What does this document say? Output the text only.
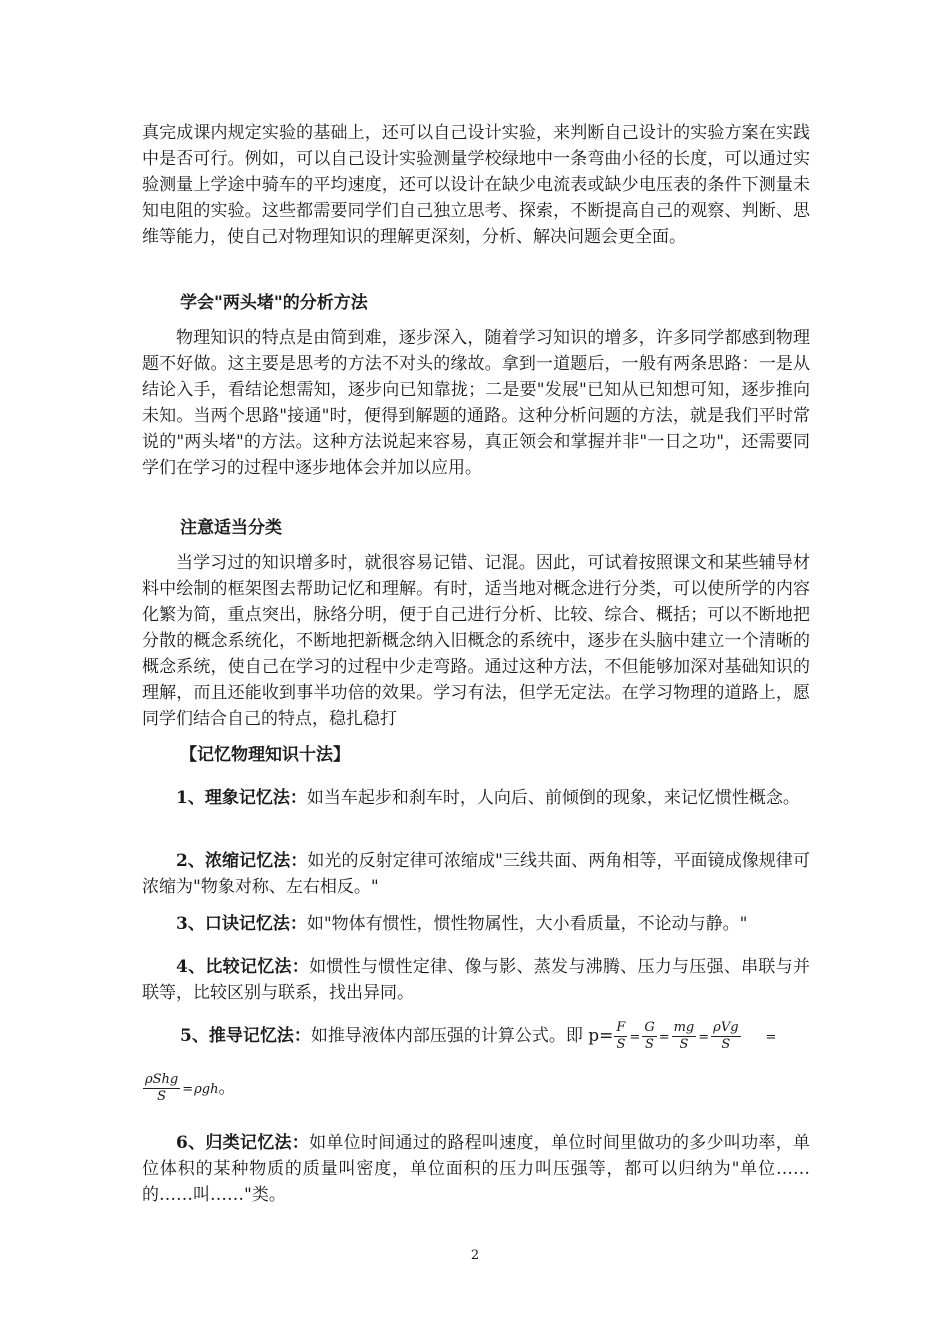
真完成课内规定实验的基础上，还可以自己设计实验，来判断自己设计的实验方案在实践中是否可行。例如，可以自己设计实验测量学校绿地中一条弯曲小径的长度，可以通过实验测量上学途中骑车的平均速度，还可以设计在缺少电流表或缺少电压表的条件下测量未知电阻的实验。这些都需要同学们自己独立思考、探索，不断提高自己的观察、判断、思维等能力，使自己对物理知识的理解更深刻，分析、解决问题会更全面。

学会"两头堵"的分析方法

物理知识的特点是由简到难，逐步深入，随着学习知识的增多，许多同学都感到物理题不好做。这主要是思考的方法不对头的缘故。拿到一道题后，一般有两条思路：一是从结论入手，看结论想需知，逐步向已知靠拢；二是要"发展"已知从已知想可知，逐步推向未知。当两个思路"接通"时，便得到解题的通路。这种分析问题的方法，就是我们平时常说的"两头堵"的方法。这种方法说起来容易，真正领会和掌握并非"一日之功"，还需要同学们在学习的过程中逐步地体会并加以应用。

注意适当分类

当学习过的知识增多时，就很容易记错、记混。因此，可试着按照课文和某些辅导材料中绘制的框架图去帮助记忆和理解。有时，适当地对概念进行分类，可以使所学的内容化繁为简，重点突出，脉络分明，便于自己进行分析、比较、综合、概括；可以不断地把分散的概念系统化，不断地把新概念纳入旧概念的系统中，逐步在头脑中建立一个清晰的概念系统，使自己在学习的过程中少走弯路。通过这种方法，不但能够加深对基础知识的理解，而且还能收到事半功倍的效果。学习有法，但学无定法。在学习物理的道路上，愿同学们结合自己的特点，稳扎稳打

【记忆物理知识十法】

1、理象记忆法：如当车起步和刹车时，人向后、前倾倒的现象，来记忆惯性概念。

2、浓缩记忆法：如光的反射定律可浓缩成"三线共面、两角相等，平面镜成像规律可浓缩为"物象对称、左右相反。"

3、口诀记忆法：如"物体有惯性，惯性物属性，大小看质量，不论动与静。"

4、比较记忆法：如惯性与惯性定律、像与影、蒸发与沸腾、压力与压强、串联与并联等，比较区别与联系，找出异同。

5、推导记忆法：如推导液体内部压强的计算公式。即 $p= \frac{F}{S} = \frac{G}{S} = \frac{mg}{S} = \frac{\text{ρVg}}{S}$ =
$\frac{\text{ρShg}}{S} =\rho gh$。

6、归类记忆法：如单位时间通过的路程叫速度，单位时间里做功的多少叫功率，单位体积的某种物质的质量叫密度，单位面积的压力叫压强等，都可以归纳为"单位……的……叫……"类。

2
